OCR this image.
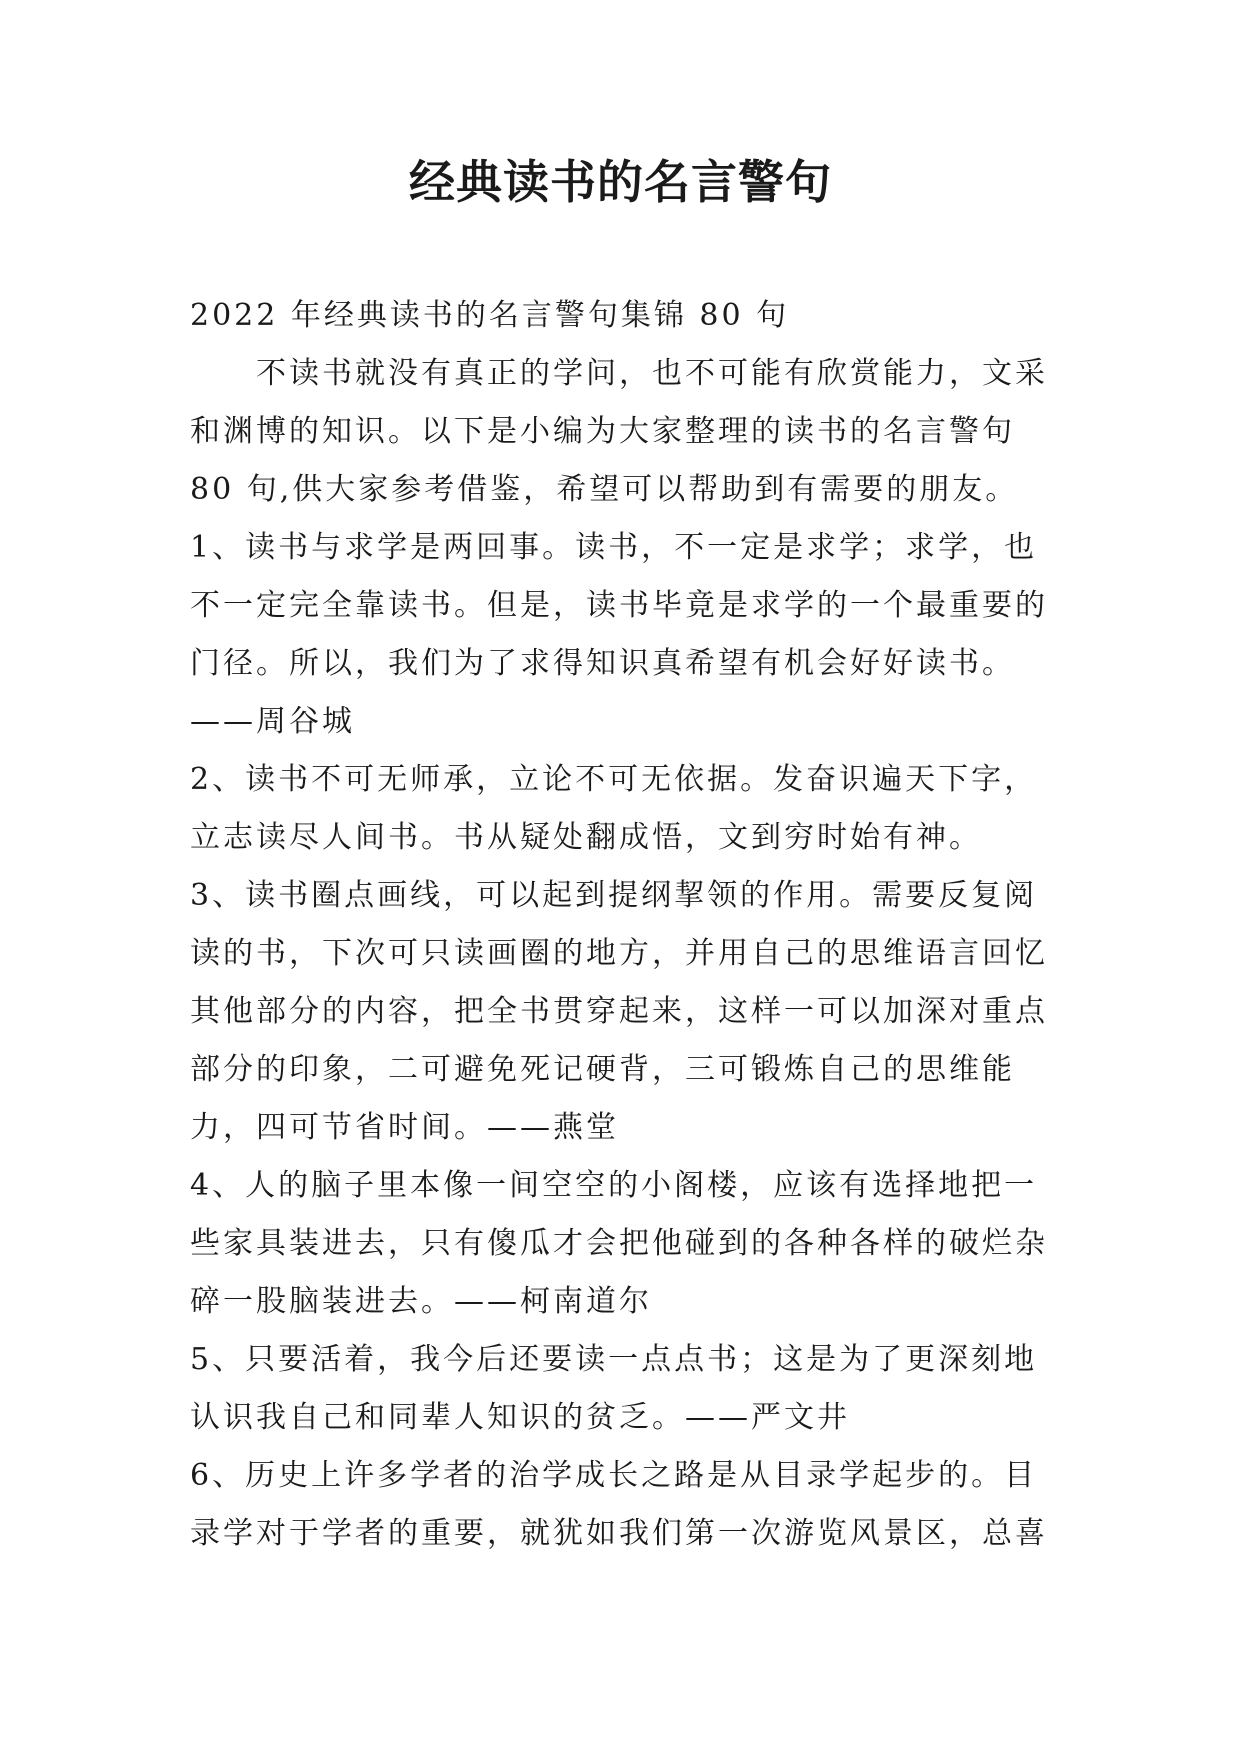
经典读书的名言警句

2022 年经典读书的名言警句集锦 80 句

不读书就没有真正的学问，也不可能有欣赏能力，文采和渊博的知识。以下是小编为大家整理的读书的名言警句 80 句,供大家参考借鉴，希望可以帮助到有需要的朋友。

1、读书与求学是两回事。读书，不一定是求学；求学，也不一定完全靠读书。但是，读书毕竟是求学的一个最重要的门径。所以，我们为了求得知识真希望有机会好好读书。——周谷城

2、读书不可无师承，立论不可无依据。发奋识遍天下字，立志读尽人间书。书从疑处翻成悟，文到穷时始有神。

3、读书圈点画线，可以起到提纲挈领的作用。需要反复阅读的书，下次可只读画圈的地方，并用自己的思维语言回忆其他部分的内容，把全书贯穿起来，这样一可以加深对重点部分的印象，二可避免死记硬背，三可锻炼自己的思维能力，四可节省时间。——燕堂

4、人的脑子里本像一间空空的小阁楼，应该有选择地把一些家具装进去，只有傻瓜才会把他碰到的各种各样的破烂杂碎一股脑装进去。——柯南道尔

5、只要活着，我今后还要读一点点书；这是为了更深刻地认识我自己和同辈人知识的贫乏。——严文井

6、历史上许多学者的治学成长之路是从目录学起步的。目录学对于学者的重要，就犹如我们第一次游览风景区，总喜
